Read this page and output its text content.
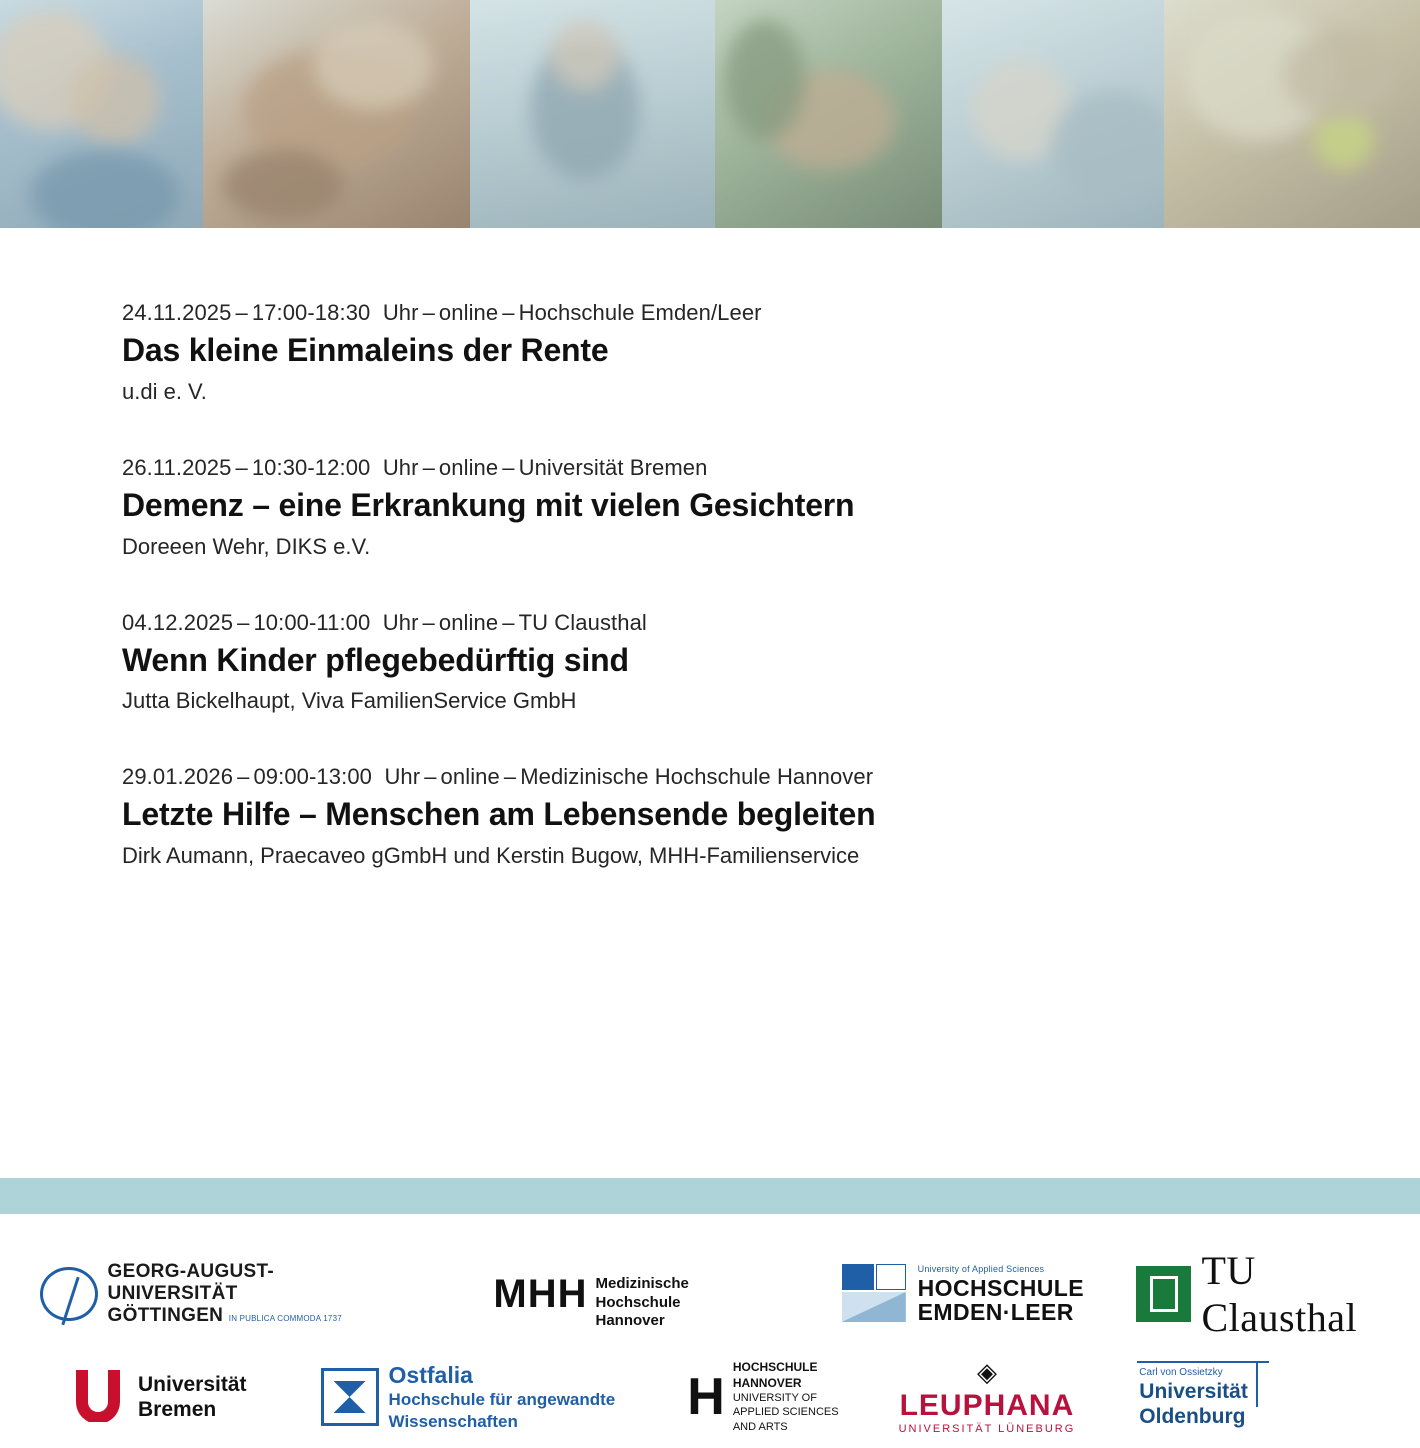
24.11.2025 – 17:00-18:30 Uhr – online – Hochschule Emden/Leer
Das kleine Einmaleins der Rente
u.di e. V.
26.11.2025 – 10:30-12:00 Uhr – online – Universität Bremen
Demenz – eine Erkrankung mit vielen Gesichtern
Doreeen Wehr, DIKS e.V.
04.12.2025 – 10:00-11:00 Uhr – online – TU Clausthal
Wenn Kinder pflegebedürftig sind
Jutta Bickelhaupt, Viva FamilienService GmbH
29.01.2026 – 09:00-13:00 Uhr – online – Medizinische Hochschule Hannover
Letzte Hilfe – Menschen am Lebensende begleiten
Dirk Aumann, Praecaveo gGmbH und Kerstin Bugow, MHH-Familienservice
GEORG-AUGUST-UNIVERSITÄT
GÖTTINGEN IN PUBLICA COMMODA 1737
MHH Medizinische Hochschule
Hannover
University of Applied Sciences
HOCHSCHULE
EMDEN·LEER
TU Clausthal
Universität
Bremen
Ostfalia
Hochschule für angewandte
Wissenschaften	H
HOCHSCHULE
HANNOVER
UNIVERSITY OF
APPLIED SCIENCES
AND ARTS
◈
LEUPHANA
UNIVERSITÄT LÜNEBURG
Carl von Ossietzky
Universität
Oldenburg
